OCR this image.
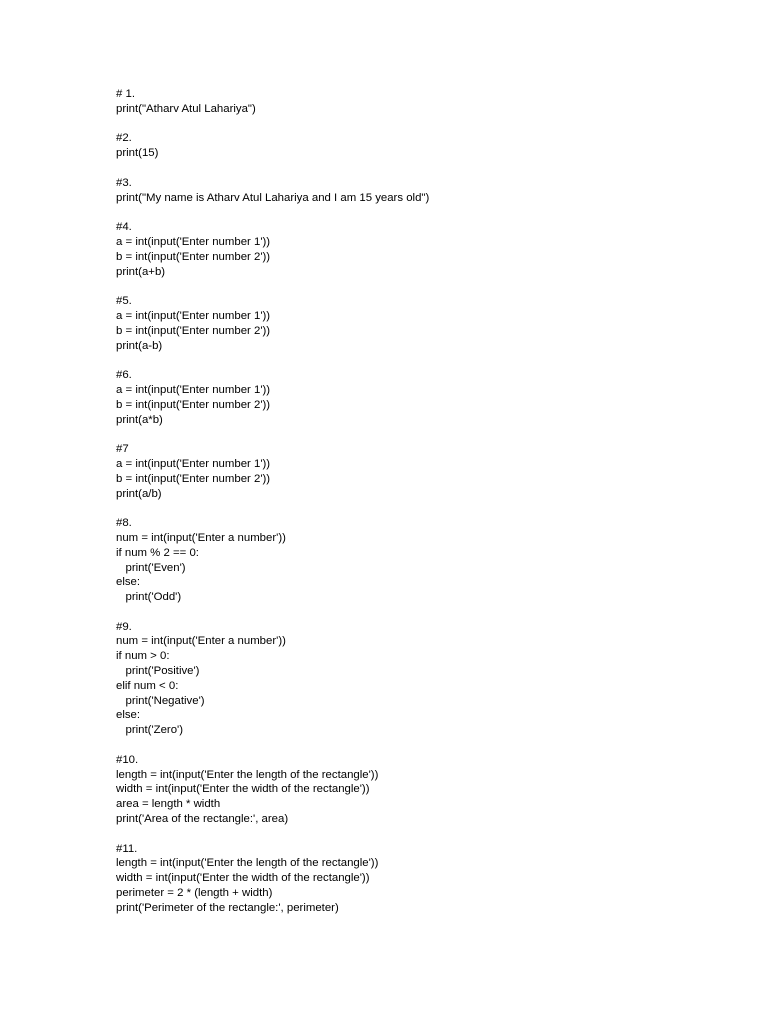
# 1.
print("Atharv Atul Lahariya")
#2.
print(15)
#3.
print("My name is Atharv Atul Lahariya and I am 15 years old")
#4.
a = int(input('Enter number 1'))
b = int(input('Enter number 2'))
print(a+b)
#5.
a = int(input('Enter number 1'))
b = int(input('Enter number 2'))
print(a-b)
#6.
a = int(input('Enter number 1'))
b = int(input('Enter number 2'))
print(a*b)
#7
a = int(input('Enter number 1'))
b = int(input('Enter number 2'))
print(a/b)
#8.
num = int(input('Enter a number'))
if num % 2 == 0:
print('Even')
else:
print('Odd')
#9.
num = int(input('Enter a number'))
if num > 0:
print('Positive')
elif num < 0:
print('Negative')
else:
print('Zero')
#10.
length = int(input('Enter the length of the rectangle'))
width = int(input('Enter the width of the rectangle'))
area = length * width
print('Area of the rectangle:', area)
#11.
length = int(input('Enter the length of the rectangle'))
width = int(input('Enter the width of the rectangle'))
perimeter = 2 * (length + width)
print('Perimeter of the rectangle:', perimeter)
